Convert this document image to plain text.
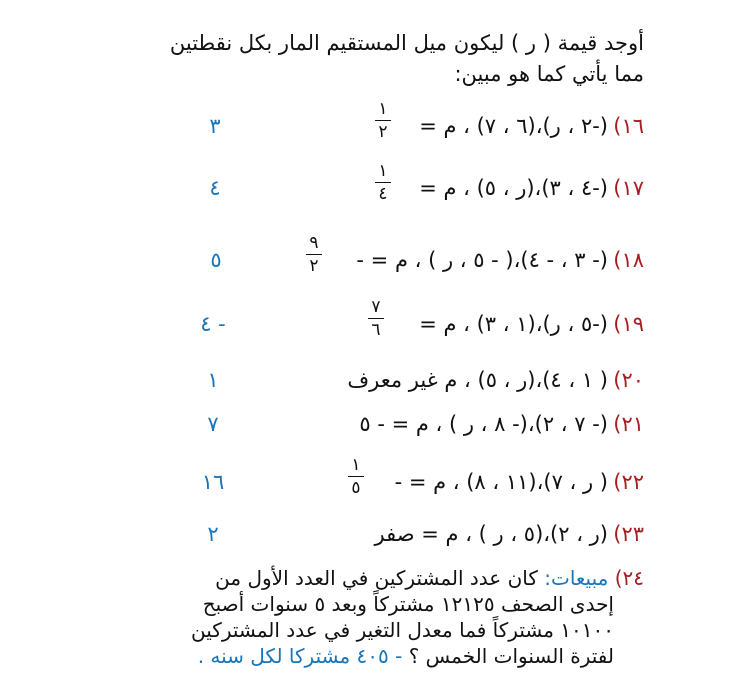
أوجد قيمة ( ر ) ليكون ميل المستقيم المار بكل نقطتين
مما يأتي كما هو مبين:
١٦)
(-٢ ، ر)،(٦ ، ٧) ، م =
١
٢
٣
١٧)
(-٤ ، ٣)،(ر ، ٥) ، م =
١
٤
٤
١٨)
(- ٣ ، - ٤)،( - ٥ ، ر ) ، م = -
٩
٢
٥
١٩)
(-٥ ، ر)،(١ ، ٣) ، م =
٧
٦
- ٤
٢٠)
( ١ ، ٤)،(ر ، ٥) ، م غير معرف
١
٢١)
(- ٧ ، ٢)،(- ٨ ، ر ) ، م = - ٥
٧
٢٢)
( ر ، ٧)،(١١ ، ٨) ، م = -
١
٥
١٦
٢٣)
(ر ، ٢)،(٥ ، ر ) ، م = صفر
٢
٢٤) مبيعات: كان عدد المشتركين في العدد الأول من
إحدى الصحف ١٢١٢٥ مشتركاً وبعد ٥ سنوات أصبح
١٠١٠٠ مشتركاً فما معدل التغير في عدد المشتركين
لفترة السنوات الخمس ؟ - ٤٠٥ مشتركا لكل سنه .
